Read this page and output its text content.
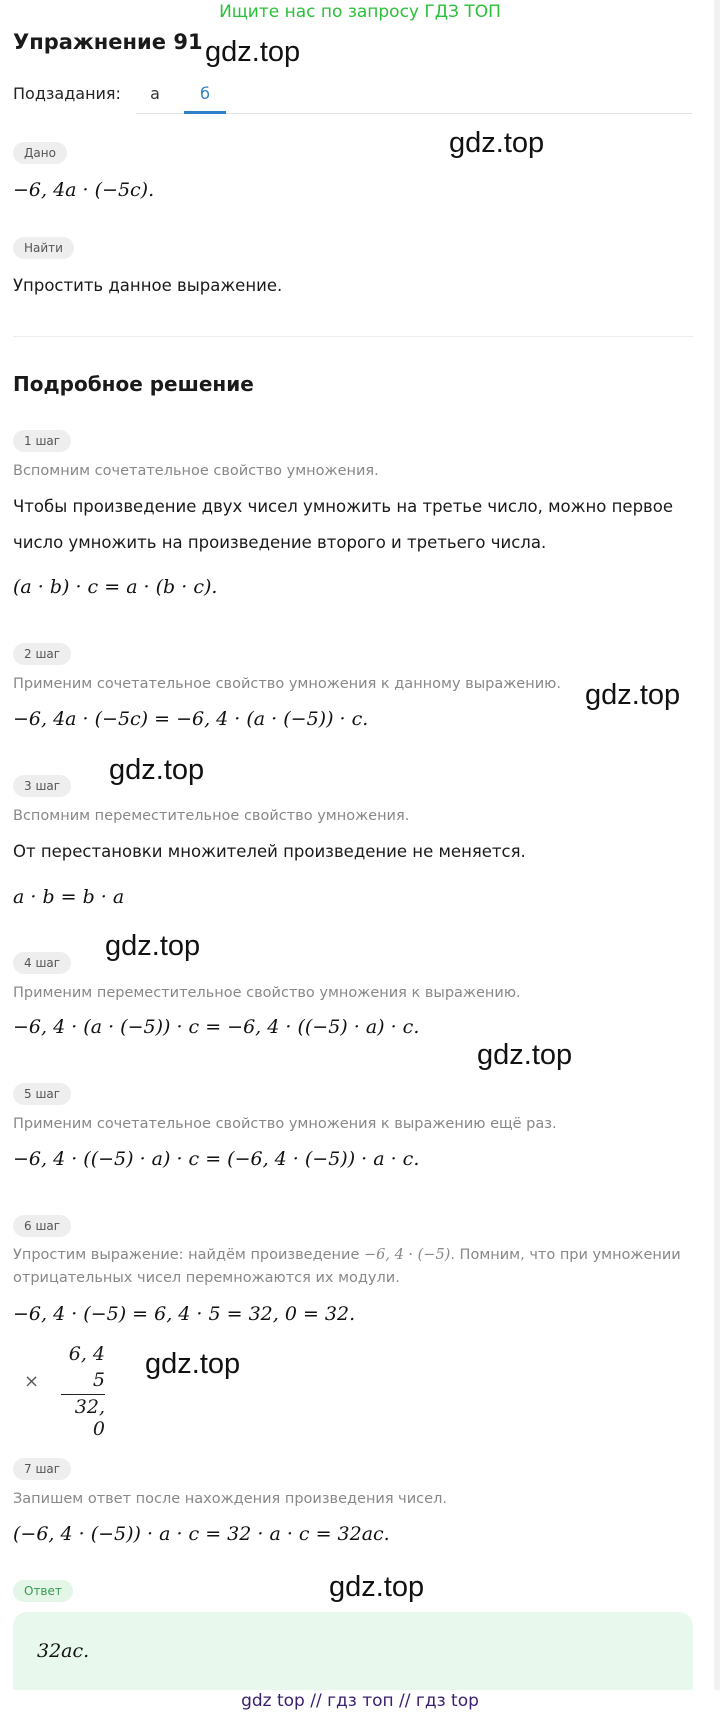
Ищите нас по запросу ГДЗ ТОП
Упражнение 91 gdz.top
Подзадания:	а	б
Дано	gdz.top
−6, 4a · (−5c).
Найти
Упростить данное выражение.
Подробное решение
1 шаг
Вспомним сочетательное свойство умножения.
Чтобы произведение двух чисел умножить на третье число, можно первое
число умножить на произведение второго и третьего числа.
(a · b) · c = a · (b · c).
2 шаг
Применим сочетательное свойство умножения к данному выражению. gdz.top
−6, 4a · (−5c) = −6, 4 · (a · (−5)) · c.
3 шаг	gdz.top
Вспомним переместительное свойство умножения.
От перестановки множителей произведение не меняется.
a · b = b · a
4 шаг
gdz.top
Применим переместительное свойство умножения к выражению.
−6, 4 · (a · (−5)) · c = −6, 4 · ((−5) · a) · c.
gdz.top
5 шаг
Применим сочетательное свойство умножения к выражению ещё раз.
−6, 4 · ((−5) · a) · c = (−6, 4 · (−5)) · a · c.
6 шаг
Упростим выражение: найдём произведение −6, 4 · (−5). Помним, что при умножении
отрицательных чисел перемножаются их модули.
−6, 4 · (−5) = 6, 4 · 5 = 32, 0 = 32.
×
6, 4
5
32, 0
gdz.top
7 шаг
Запишем ответ после нахождения произведения чисел.
(−6, 4 · (−5)) · a · c = 32 · a · c = 32ac.
Ответ	gdz.top
32ac.
gdz top // гдз топ // гдз top
